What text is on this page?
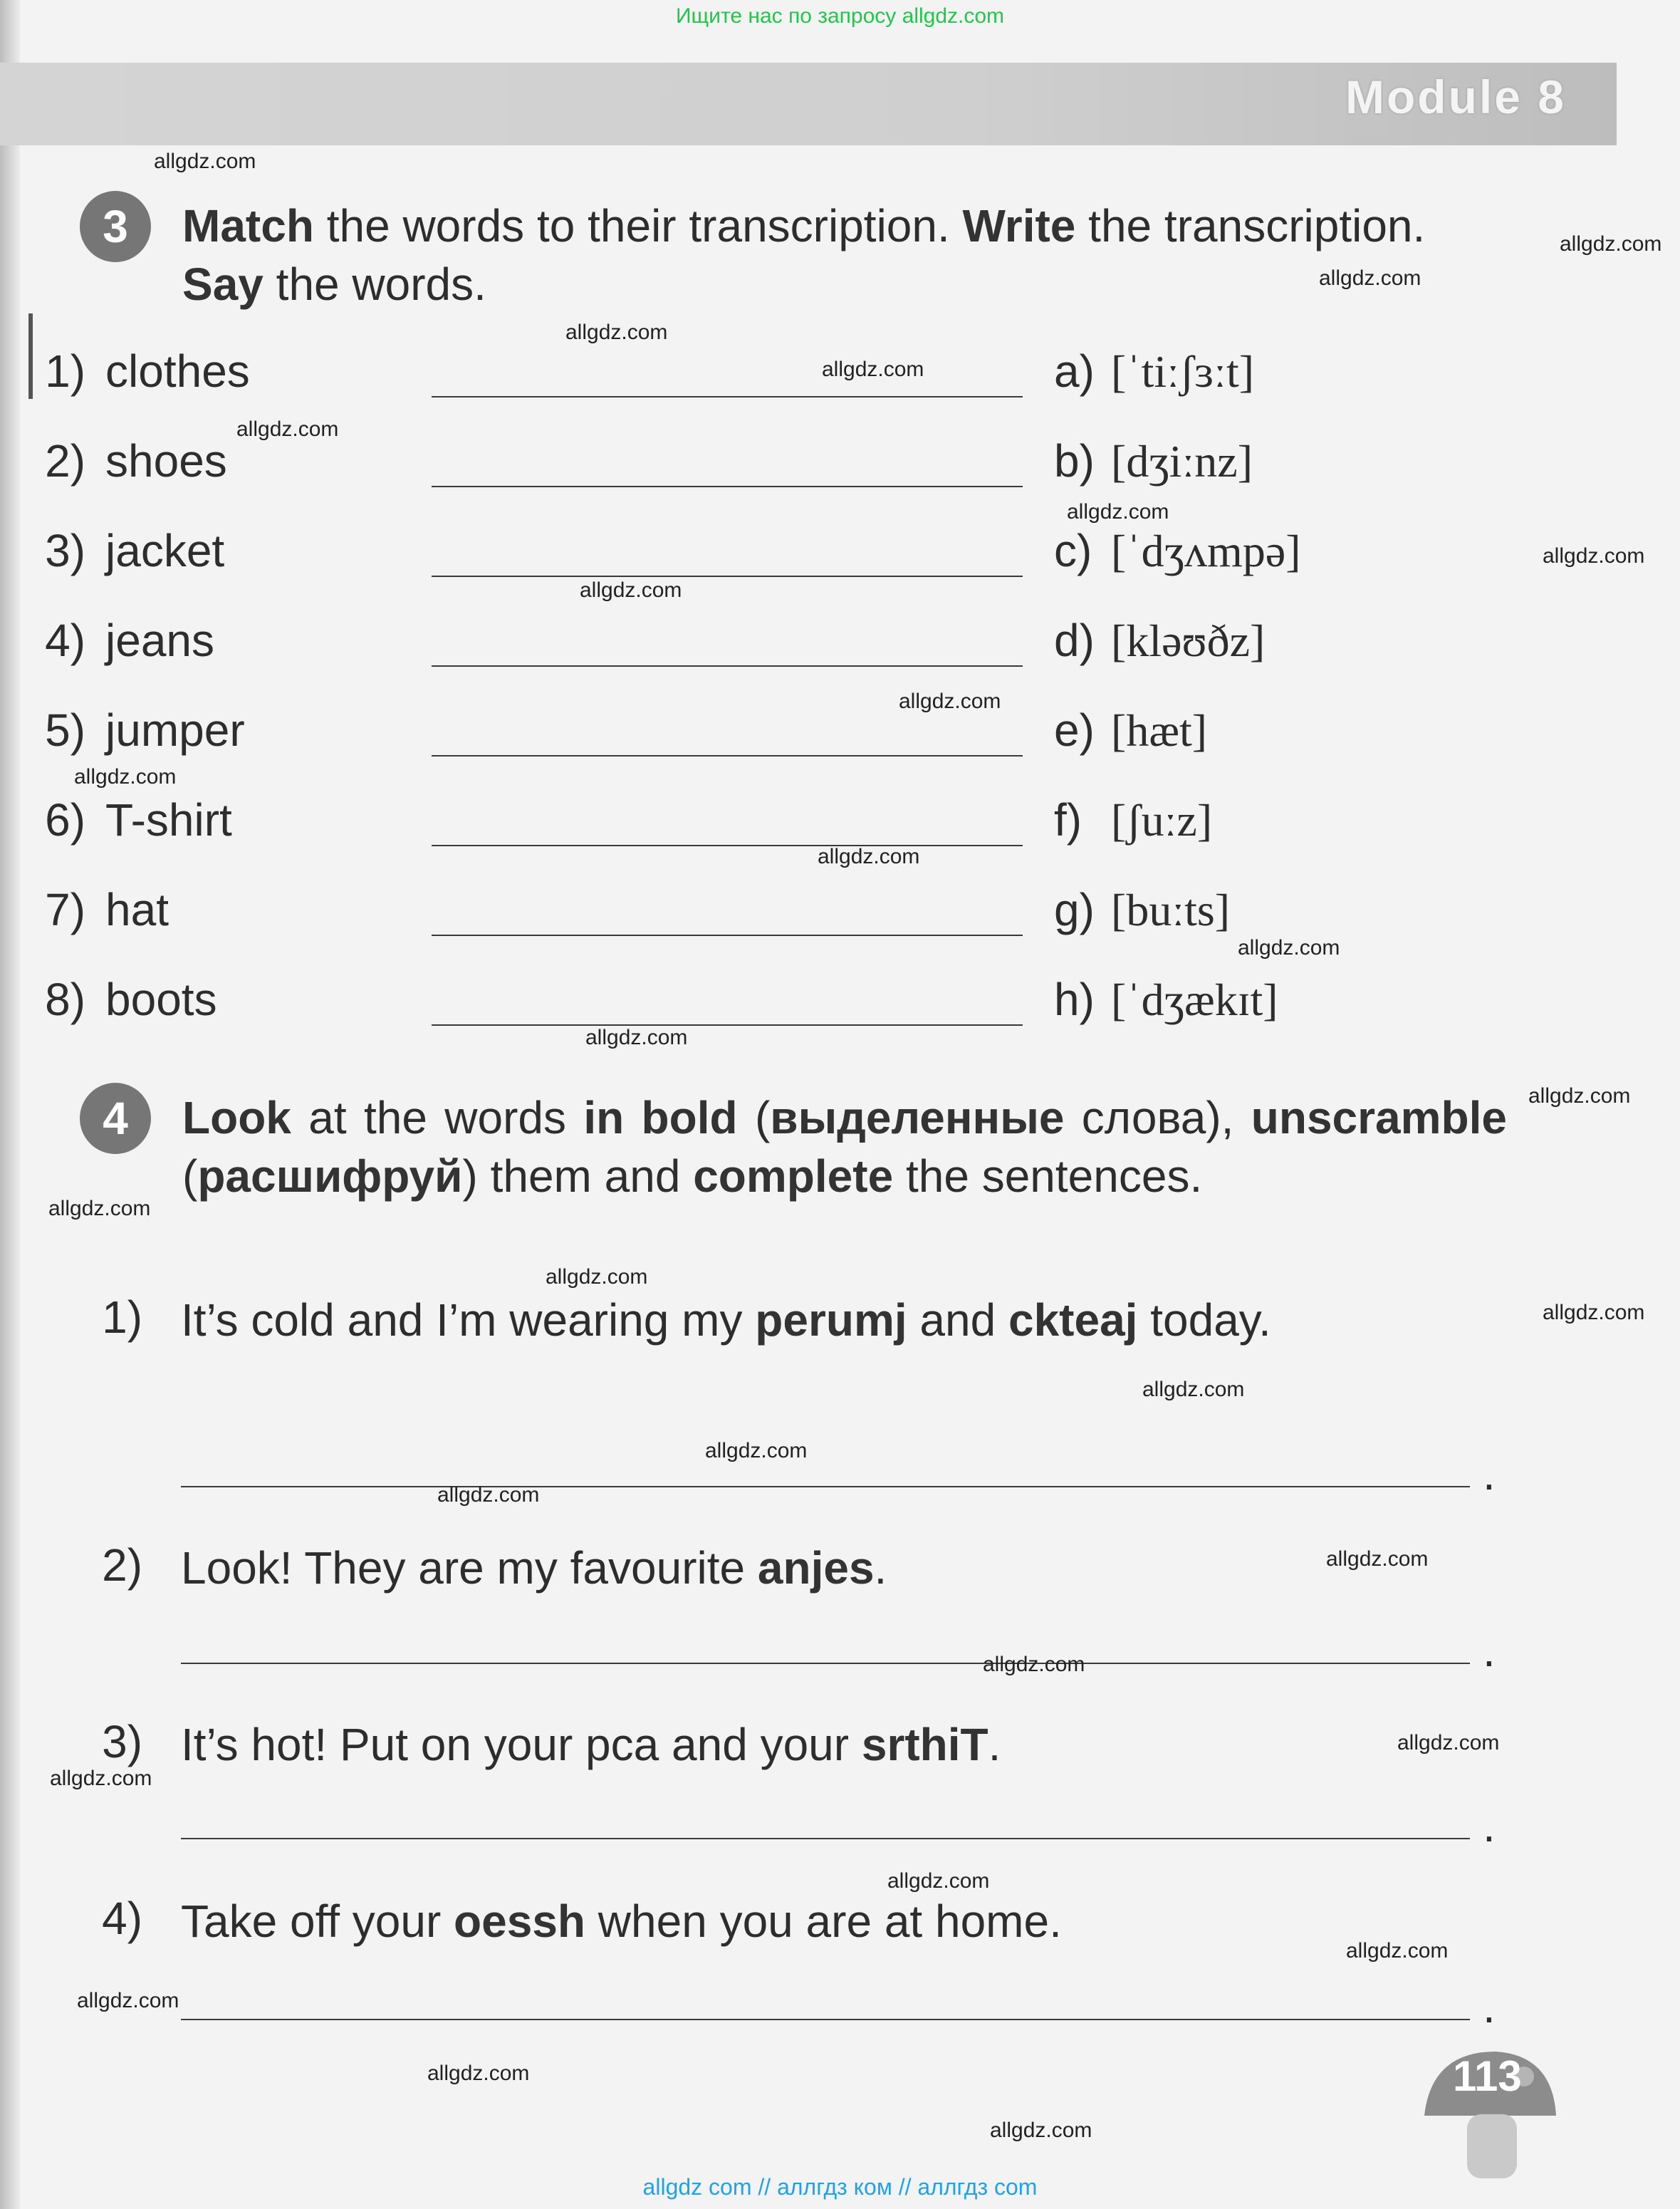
Ищите нас по запросу allgdz.com
Module 8
3	Match the words to their transcription. Write the transcription. Say the words.
1) clothes	a) [ˈtiːʃɜːt]
2) shoes	b) [dʒiːnz]
3) jacket	c) [ˈdʒʌmpə]
4) jeans	d) [kləʊðz]
5) jumper	e) [hæt]
6) T-shirt	f) [ʃuːz]
7) hat	g) [buːts]
8) boots	h) [ˈdʒækɪt]
4	Look at the words in bold (выделенные слова), unscramble (расшифруй) them and complete the sentences.
1) It’s cold and I’m wearing my perumj and ckteaj today.
.
2) Look! They are my favourite anjes.
.
3) It’s hot! Put on your pca and your srthiT.
.
4) Take off your oessh when you are at home.
.
113
allgdz com // аллгдз ком // аллгдз com
allgdz.com
allgdz.com
allgdz.com
allgdz.com
allgdz.com
allgdz.com
allgdz.com
allgdz.com
allgdz.com
allgdz.com
allgdz.com
allgdz.com
allgdz.com
allgdz.com
allgdz.com
allgdz.com
allgdz.com
allgdz.com
allgdz.com
allgdz.com
allgdz.com
allgdz.com
allgdz.com
allgdz.com
allgdz.com
allgdz.com
allgdz.com
allgdz.com
allgdz.com
allgdz.com
